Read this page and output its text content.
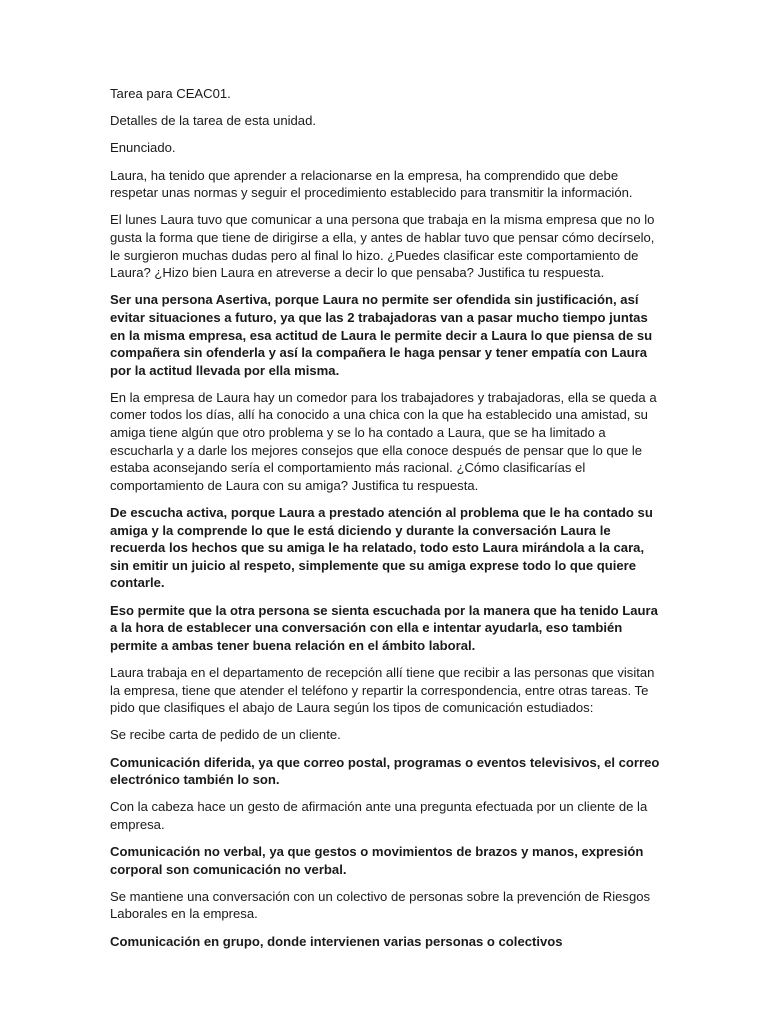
Tarea para CEAC01.

Detalles de la tarea de esta unidad.

Enunciado.

Laura, ha tenido que aprender a relacionarse en la empresa, ha comprendido que debe respetar unas normas y seguir el procedimiento establecido para transmitir la información.

El lunes Laura tuvo que comunicar a una persona que trabaja en la misma empresa que no lo gusta la forma que tiene de dirigirse a ella, y antes de hablar tuvo que pensar cómo decírselo, le surgieron muchas dudas pero al final lo hizo. ¿Puedes clasificar este comportamiento de Laura? ¿Hizo bien Laura en atreverse a decir lo que pensaba? Justifica tu respuesta.

Ser una persona Asertiva, porque Laura no permite ser ofendida sin justificación, así evitar situaciones a futuro, ya que las 2 trabajadoras van a pasar mucho tiempo juntas en la misma empresa, esa actitud de Laura le permite decir a Laura lo que piensa de su compañera sin ofenderla y así la compañera le haga pensar y tener empatía con Laura por la actitud llevada por ella misma.

En la empresa de Laura hay un comedor para los trabajadores y trabajadoras, ella se queda a comer todos los días, allí ha conocido a una chica con la que ha establecido una amistad, su amiga tiene algún que otro problema y se lo ha contado a Laura, que se ha limitado a escucharla y a darle los mejores consejos que ella conoce después de pensar que lo que le estaba aconsejando sería el comportamiento más racional. ¿Cómo clasificarías el comportamiento de Laura con su amiga? Justifica tu respuesta.

De escucha activa, porque Laura a prestado atención al problema que le ha contado su amiga y la comprende lo que le está diciendo y durante la conversación Laura le recuerda los hechos que su amiga le ha relatado, todo esto Laura mirándola a la cara, sin emitir un juicio al respeto, simplemente que su amiga exprese todo lo que quiere contarle.

Eso permite que la otra persona se sienta escuchada por la manera que ha tenido Laura a la hora de establecer una conversación con ella e intentar ayudarla, eso también permite a ambas tener buena relación en el ámbito laboral.

Laura trabaja en el departamento de recepción allí tiene que recibir a las personas que visitan la empresa, tiene que atender el teléfono y repartir la correspondencia, entre otras tareas. Te pido que clasifiques el abajo de Laura según los tipos de comunicación estudiados:

Se recibe carta de pedido de un cliente.

Comunicación diferida, ya que correo postal, programas o eventos televisivos, el correo electrónico también lo son.

Con la cabeza hace un gesto de afirmación ante una pregunta efectuada por un cliente de la empresa.

Comunicación no verbal, ya que gestos o movimientos de brazos y manos, expresión corporal son comunicación no verbal.

Se mantiene una conversación con un colectivo de personas sobre la prevención de Riesgos Laborales en la empresa.

Comunicación en grupo, donde intervienen varias personas o colectivos
